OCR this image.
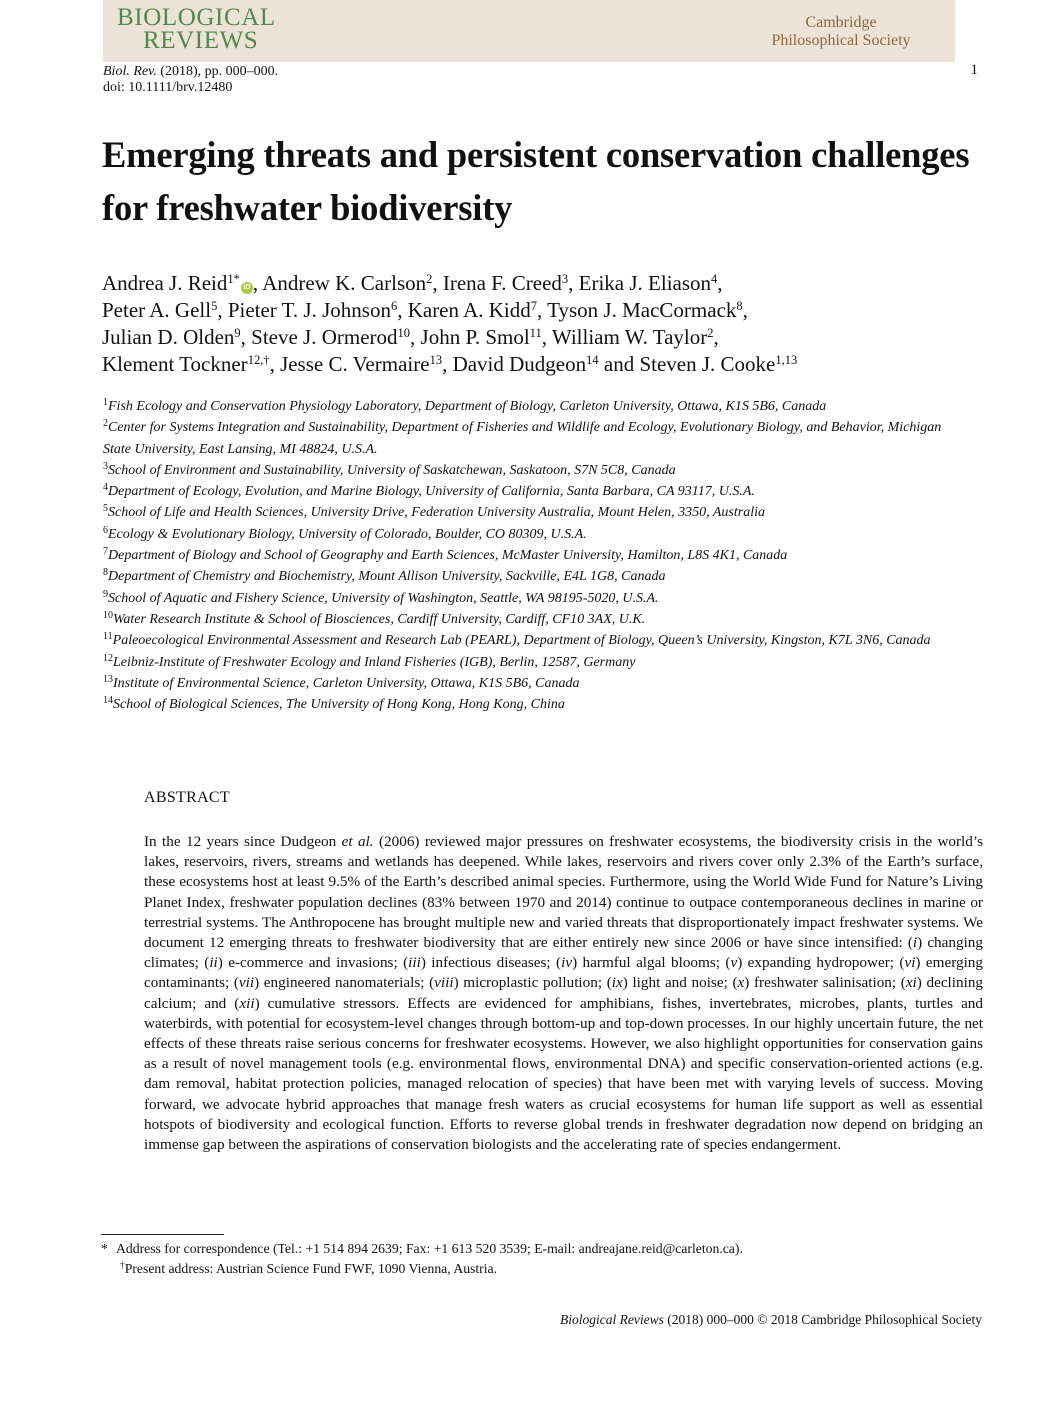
BIOLOGICAL
REVIEWS
Cambridge
Philosophical Society
Biol. Rev. (2018), pp. 000–000.
doi: 10.1111/brv.12480
1
Emerging threats and persistent conservation challenges for freshwater biodiversity
Andrea J. Reid$^{1*}$iD , Andrew K. Carlson$^2$, Irena F. Creed$^3$, Erika J. Eliason$^4$,
Peter A. Gell$^5$, Pieter T. J. Johnson$^6$, Karen A. Kidd$^7$, Tyson J. MacCormack$^8$,
Julian D. Olden$^9$, Steve J. Ormerod$^{10}$, John P. Smol$^{11}$, William W. Taylor$^2$,
Klement Tockner$^{12,\dagger}$, Jesse C. Vermaire$^{13}$, David Dudgeon$^{14}$ and Steven J. Cooke$^{1,13}$
$^1$Fish Ecology and Conservation Physiology Laboratory, Department of Biology, Carleton University, Ottawa, K1S 5B6, Canada
$^2$Center for Systems Integration and Sustainability, Department of Fisheries and Wildlife and Ecology, Evolutionary Biology, and Behavior, Michigan State University, East Lansing, MI 48824, U.S.A.
$^3$School of Environment and Sustainability, University of Saskatchewan, Saskatoon, S7N 5C8, Canada
$^4$Department of Ecology, Evolution, and Marine Biology, University of California, Santa Barbara, CA 93117, U.S.A.
$^5$School of Life and Health Sciences, University Drive, Federation University Australia, Mount Helen, 3350, Australia
$^6$Ecology & Evolutionary Biology, University of Colorado, Boulder, CO 80309, U.S.A.
$^7$Department of Biology and School of Geography and Earth Sciences, McMaster University, Hamilton, L8S 4K1, Canada
$^8$Department of Chemistry and Biochemistry, Mount Allison University, Sackville, E4L 1G8, Canada
$^9$School of Aquatic and Fishery Science, University of Washington, Seattle, WA 98195-5020, U.S.A.
$^{10}$Water Research Institute & School of Biosciences, Cardiff University, Cardiff, CF10 3AX, U.K.
$^{11}$Paleoecological Environmental Assessment and Research Lab (PEARL), Department of Biology, Queen’s University, Kingston, K7L 3N6, Canada
$^{12}$Leibniz-Institute of Freshwater Ecology and Inland Fisheries (IGB), Berlin, 12587, Germany
$^{13}$Institute of Environmental Science, Carleton University, Ottawa, K1S 5B6, Canada
$^{14}$School of Biological Sciences, The University of Hong Kong, Hong Kong, China
ABSTRACT

In the 12 years since Dudgeon et al. (2006) reviewed major pressures on freshwater ecosystems, the biodiversity crisis in the world’s lakes, reservoirs, rivers, streams and wetlands has deepened. While lakes, reservoirs and rivers cover only 2.3% of the Earth’s surface, these ecosystems host at least 9.5% of the Earth’s described animal species. Furthermore, using the World Wide Fund for Nature’s Living Planet Index, freshwater population declines (83% between 1970 and 2014) continue to outpace contemporaneous declines in marine or terrestrial systems. The Anthropocene has brought multiple new and varied threats that disproportionately impact freshwater systems. We document 12 emerging threats to freshwater biodiversity that are either entirely new since 2006 or have since intensified: (i) changing climates; (ii) e-commerce and invasions; (iii) infectious diseases; (iv) harmful algal blooms; (v) expanding hydropower; (vi) emerging contaminants; (vii) engineered nanomaterials; (viii) microplastic pollution; (ix) light and noise; (x) freshwater salinisation; (xi) declining calcium; and (xii) cumulative stressors. Effects are evidenced for amphibians, fishes, invertebrates, microbes, plants, turtles and waterbirds, with potential for ecosystem-level changes through bottom-up and top-down processes. In our highly uncertain future, the net effects of these threats raise serious concerns for freshwater ecosystems. However, we also highlight opportunities for conservation gains as a result of novel management tools (e.g. environmental flows, environmental DNA) and specific conservation-oriented actions (e.g. dam removal, habitat protection policies, managed relocation of species) that have been met with varying levels of success. Moving forward, we advocate hybrid approaches that manage fresh waters as crucial ecosystems for human life support as well as essential hotspots of biodiversity and ecological function. Efforts to reverse global trends in freshwater degradation now depend on bridging an immense gap between the aspirations of conservation biologists and the accelerating rate of species endangerment.

* Address for correspondence (Tel.: +1 514 894 2639; Fax: +1 613 520 3539; E-mail: andreajane.reid@carleton.ca).
†Present address: Austrian Science Fund FWF, 1090 Vienna, Austria.
Biological Reviews (2018) 000–000 © 2018 Cambridge Philosophical Society
